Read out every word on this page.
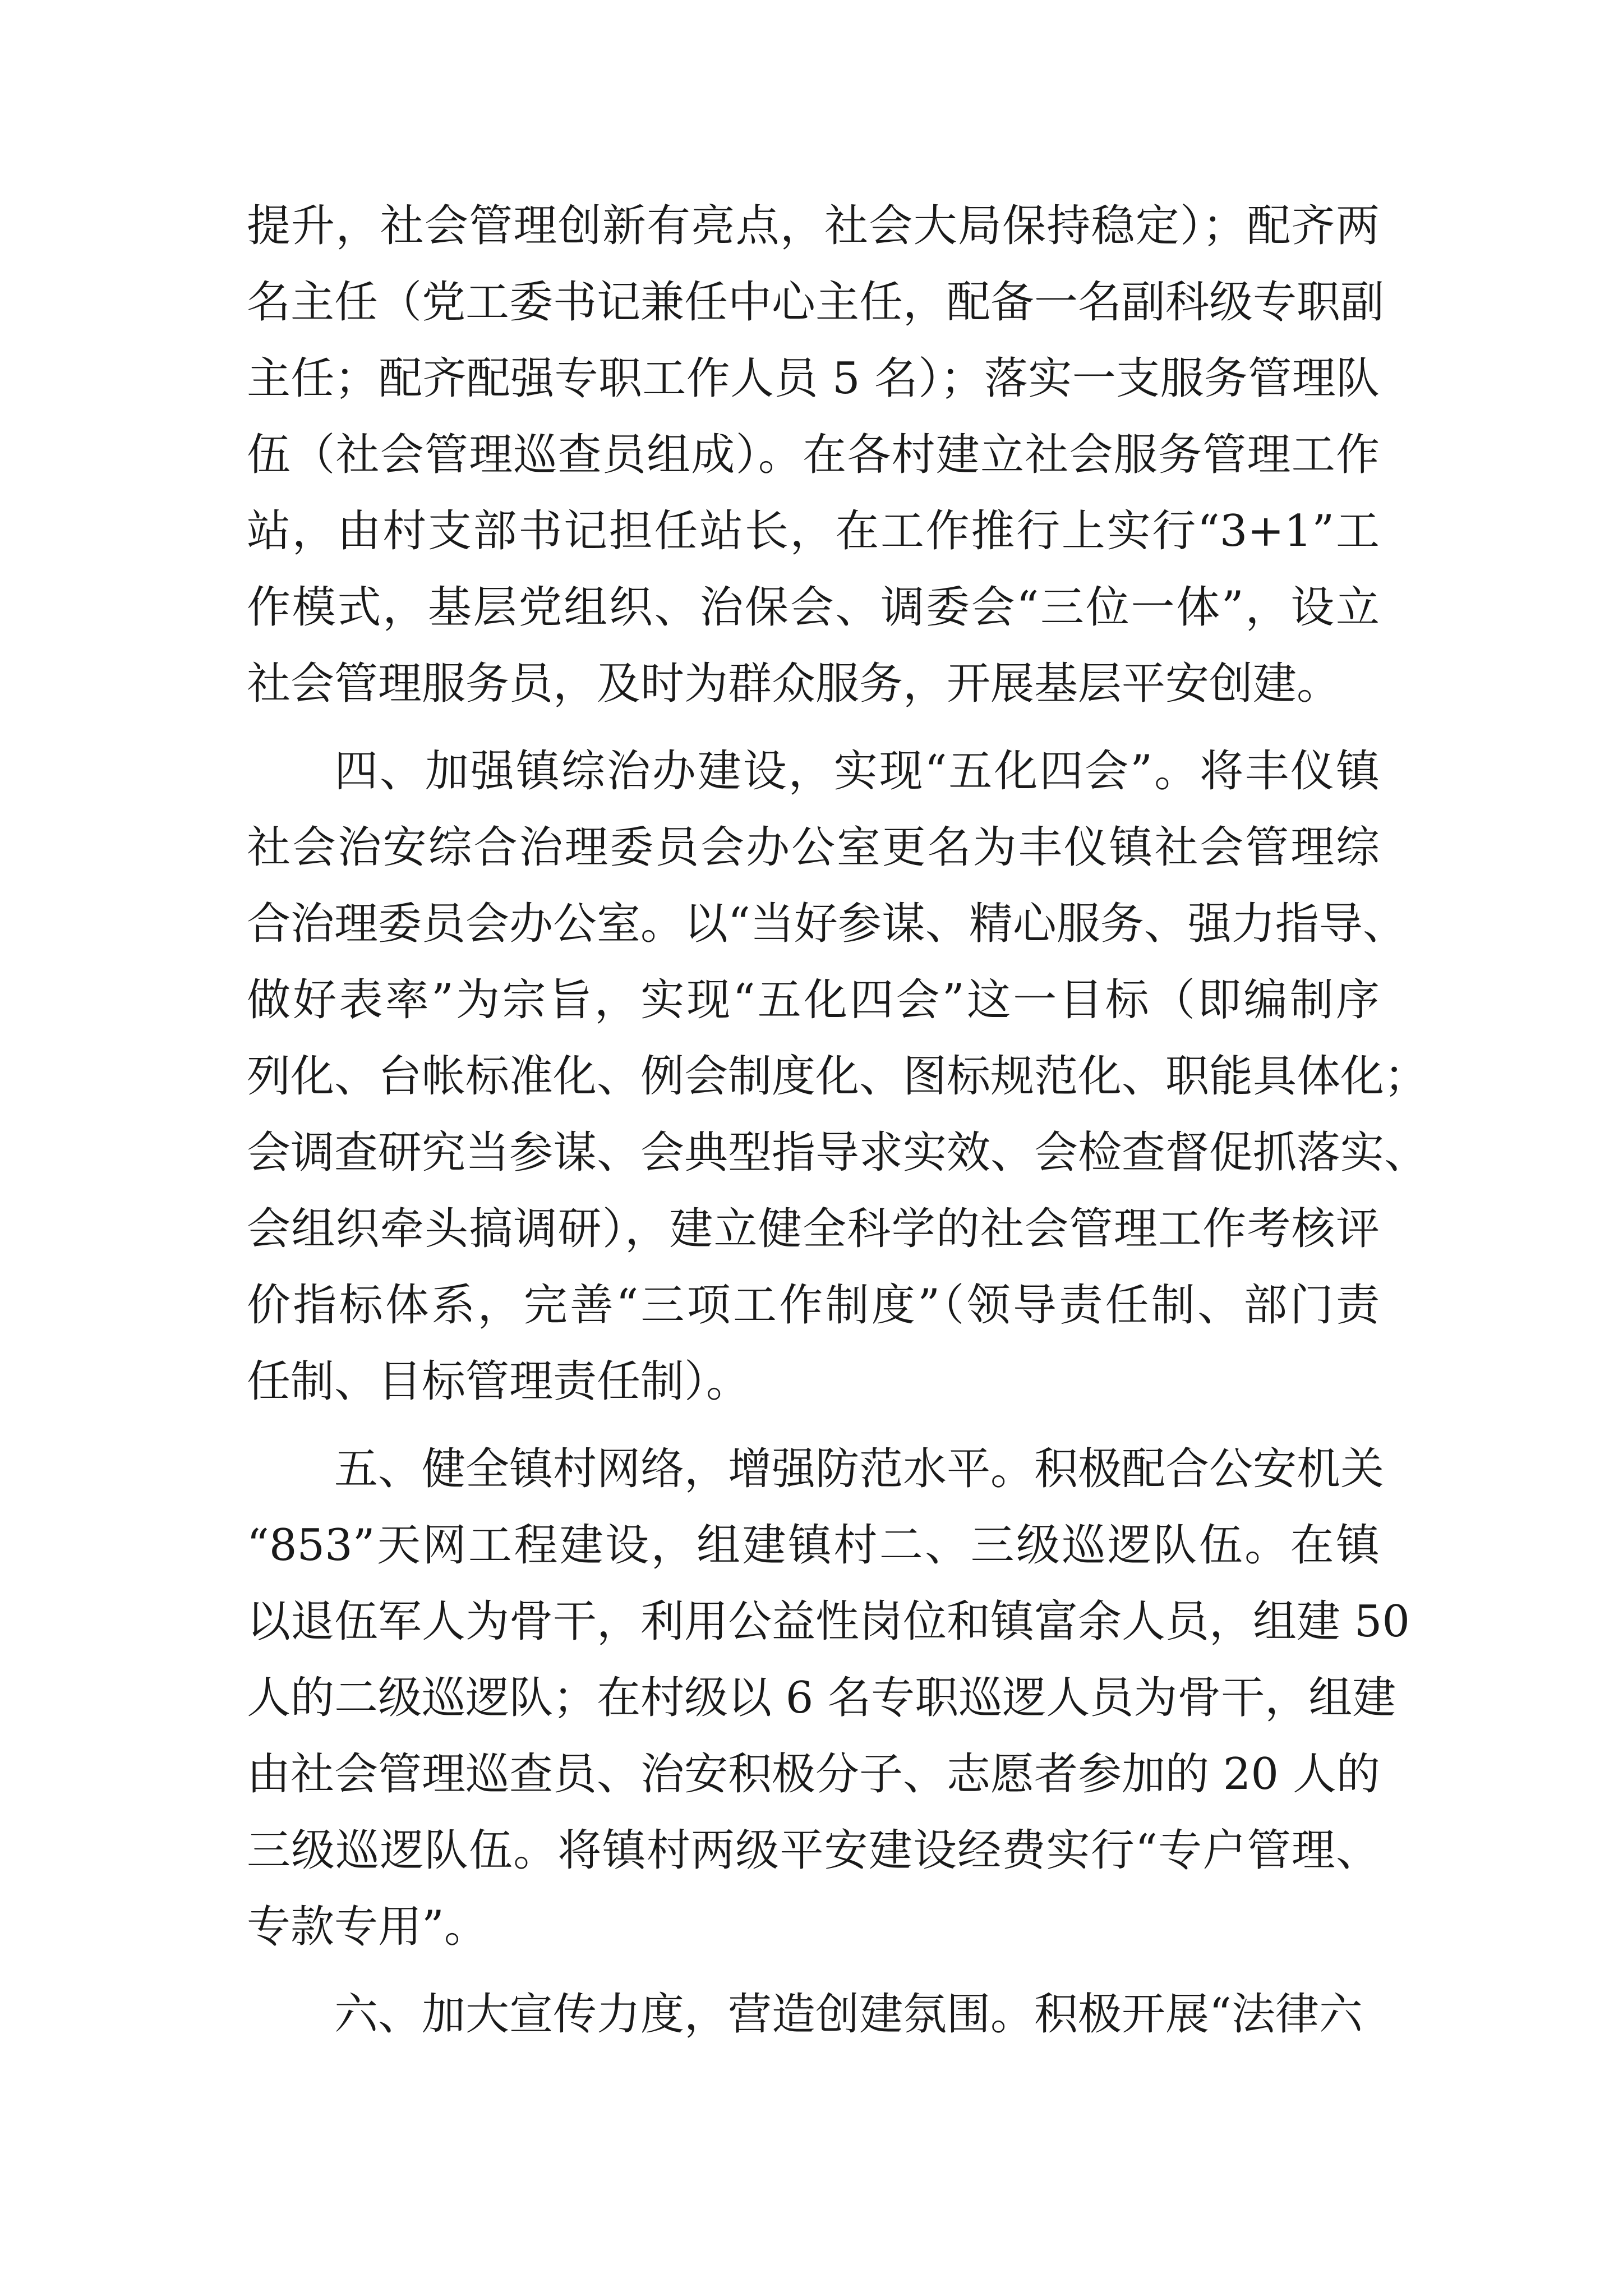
提升，社会管理创新有亮点，社会大局保持稳定）；配齐两
名主任（党工委书记兼任中心主任，配备一名副科级专职副
主任；配齐配强专职工作人员 5 名）；落实一支服务管理队
伍（社会管理巡查员组成）。在各村建立社会服务管理工作
站，由村支部书记担任站长，在工作推行上实行“3+1”工
作模式，基层党组织、治保会、调委会“三位一体”，设立
社会管理服务员，及时为群众服务，开展基层平安创建。
四、加强镇综治办建设，实现“五化四会”。将丰仪镇
社会治安综合治理委员会办公室更名为丰仪镇社会管理综
合治理委员会办公室。以“当好参谋、精心服务、强力指导、
做好表率”为宗旨，实现“五化四会”这一目标（即编制序
列化、台帐标准化、例会制度化、图标规范化、职能具体化；
会调查研究当参谋、会典型指导求实效、会检查督促抓落实、
会组织牵头搞调研），建立健全科学的社会管理工作考核评
价指标体系，完善“三项工作制度”（领导责任制、部门责
任制、目标管理责任制）。
五、健全镇村网络，增强防范水平。积极配合公安机关
“853”天网工程建设，组建镇村二、三级巡逻队伍。在镇
以退伍军人为骨干，利用公益性岗位和镇富余人员，组建 50
人的二级巡逻队；在村级以 6 名专职巡逻人员为骨干，组建
由社会管理巡查员、治安积极分子、志愿者参加的 20 人的
三级巡逻队伍。将镇村两级平安建设经费实行“专户管理、
专款专用”。
六、加大宣传力度，营造创建氛围。积极开展“法律六
